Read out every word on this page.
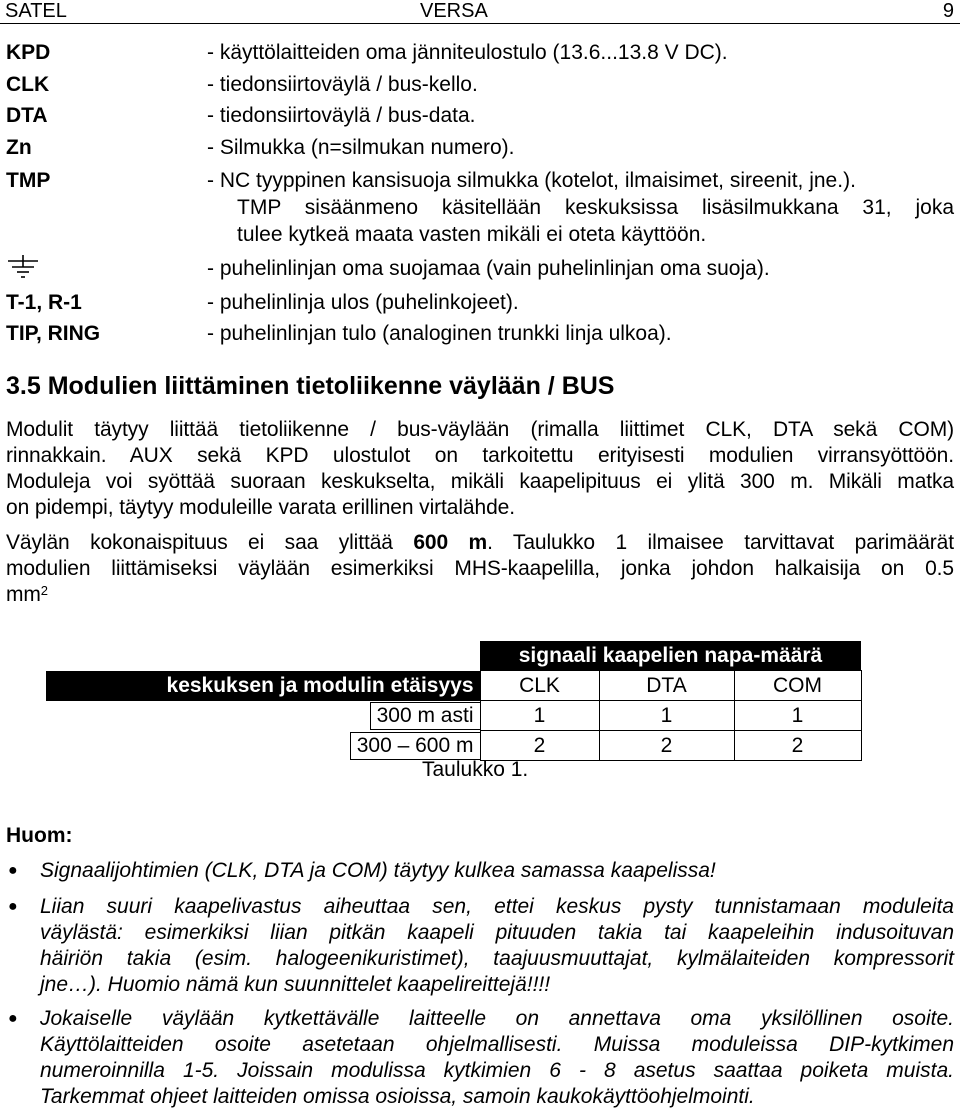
SATEL	VERSA	9
KPD	- käyttölaitteiden oma jänniteulostulo (13.6...13.8 V DC).
CLK	- tiedonsiirtoväylä / bus-kello.
DTA	- tiedonsiirtoväylä / bus-data.
Zn	- Silmukka (n=silmukan numero).
TMP	- NC tyyppinen kansisuoja silmukka (kotelot, ilmaisimet, sireenit, jne.).
TMP sisäänmeno käsitellään keskuksissa lisäsilmukkana 31, joka
tulee kytkeä maata vasten mikäli ei oteta käyttöön.
- puhelinlinjan oma suojamaa (vain puhelinlinjan oma suoja).
T-1, R-1	- puhelinlinja ulos (puhelinkojeet).
TIP, RING	- puhelinlinjan tulo (analoginen trunkki linja ulkoa).
3.5 Modulien liittäminen tietoliikenne väylään / BUS
Modulit täytyy liittää tietoliikenne / bus-väylään (rimalla liittimet CLK, DTA sekä COM)
rinnakkain. AUX sekä KPD ulostulot on tarkoitettu erityisesti modulien virransyöttöön.
Moduleja voi syöttää suoraan keskukselta, mikäli kaapelipituus ei ylitä 300 m. Mikäli matka
on pidempi, täytyy moduleille varata erillinen virtalähde.
Väylän kokonaispituus ei saa ylittää 600 m. Taulukko 1 ilmaisee tarvittavat parimäärät
modulien liittämiseksi väylään esimerkiksi MHS-kaapelilla, jonka johdon halkaisija on 0.5
$mm^2$
	signaali kaapelien napa-määrä		
keskuksen ja modulin etäisyys	CLK	DTA	COM

300 m asti	1	1	1

300 – 600 m	2	2	2
Taulukko 1.
Huom:
● Signaalijohtimien (CLK, DTA ja COM) täytyy kulkea samassa kaapelissa!
● Liian suuri kaapelivastus aiheuttaa sen, ettei keskus pysty tunnistamaan moduleita
väylästä: esimerkiksi liian pitkän kaapeli pituuden takia tai kaapeleihin indusoituvan
häiriön takia (esim. halogeenikuristimet), taajuusmuuttajat, kylmälaiteiden kompressorit
jne…). Huomio nämä kun suunnittelet kaapelireittejä!!!!
● Jokaiselle väylään kytkettävälle laitteelle on annettava oma yksilöllinen osoite.
Käyttölaitteiden osoite asetetaan ohjelmallisesti. Muissa moduleissa DIP-kytkimen
numeroinnilla 1-5. Joissain modulissa kytkimien 6 - 8 asetus saattaa poiketa muista.
Tarkemmat ohjeet laitteiden omissa osioissa, samoin kaukokäyttöohjelmointi.
